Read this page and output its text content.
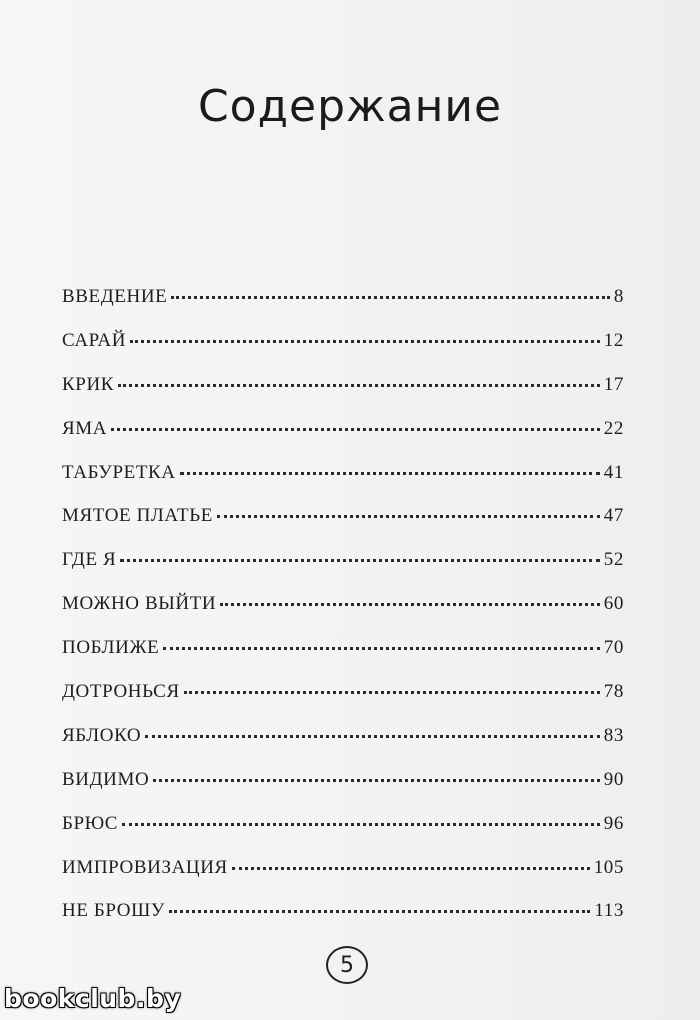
Содержание
ВВЕДЕНИЕ	8
САРАЙ	12
КРИК	17
ЯМА	22
ТАБУРЕТКА	41
МЯТОЕ ПЛАТЬЕ	47
ГДЕ Я	52
МОЖНО ВЫЙТИ	60
ПОБЛИЖЕ	70
ДОТРОНЬСЯ	78
ЯБЛОКО	83
ВИДИМО	90
БРЮС	96
ИМПРОВИЗАЦИЯ	105
НЕ БРОШУ	113
5
bookclub.by
